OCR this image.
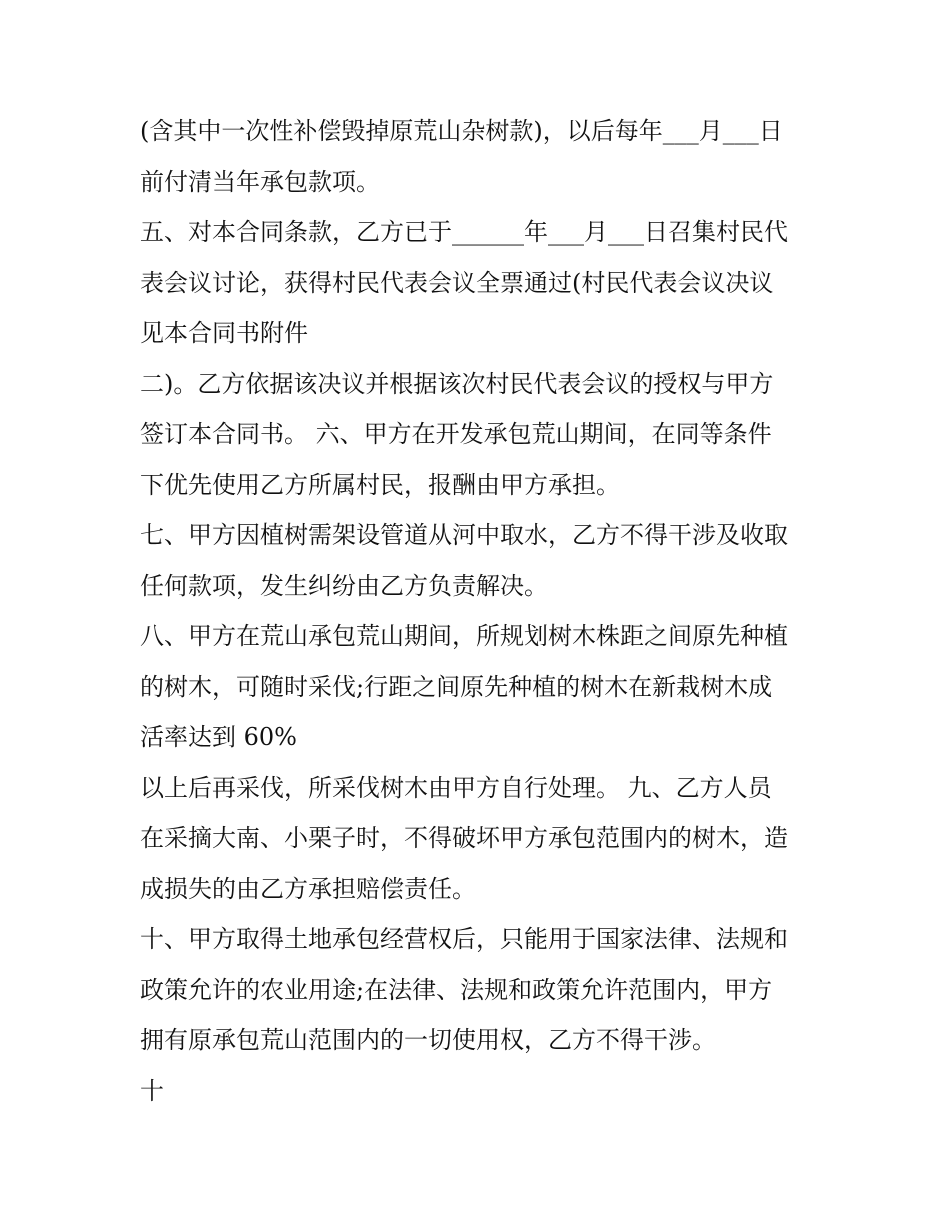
(含其中一次性补偿毁掉原荒山杂树款)，以后每年___月___日
前付清当年承包款项。
五、对本合同条款，乙方已于______年___月___日召集村民代
表会议讨论，获得村民代表会议全票通过(村民代表会议决议
见本合同书附件
二)。乙方依据该决议并根据该次村民代表会议的授权与甲方
签订本合同书。 六、甲方在开发承包荒山期间，在同等条件
下优先使用乙方所属村民，报酬由甲方承担。
七、甲方因植树需架设管道从河中取水，乙方不得干涉及收取
任何款项，发生纠纷由乙方负责解决。
八、甲方在荒山承包荒山期间，所规划树木株距之间原先种植
的树木，可随时采伐;行距之间原先种植的树木在新栽树木成
活率达到 60%
以上后再采伐，所采伐树木由甲方自行处理。 九、乙方人员
在采摘大南、小栗子时，不得破坏甲方承包范围内的树木，造
成损失的由乙方承担赔偿责任。
十、甲方取得土地承包经营权后，只能用于国家法律、法规和
政策允许的农业用途;在法律、法规和政策允许范围内，甲方
拥有原承包荒山范围内的一切使用权，乙方不得干涉。
十
